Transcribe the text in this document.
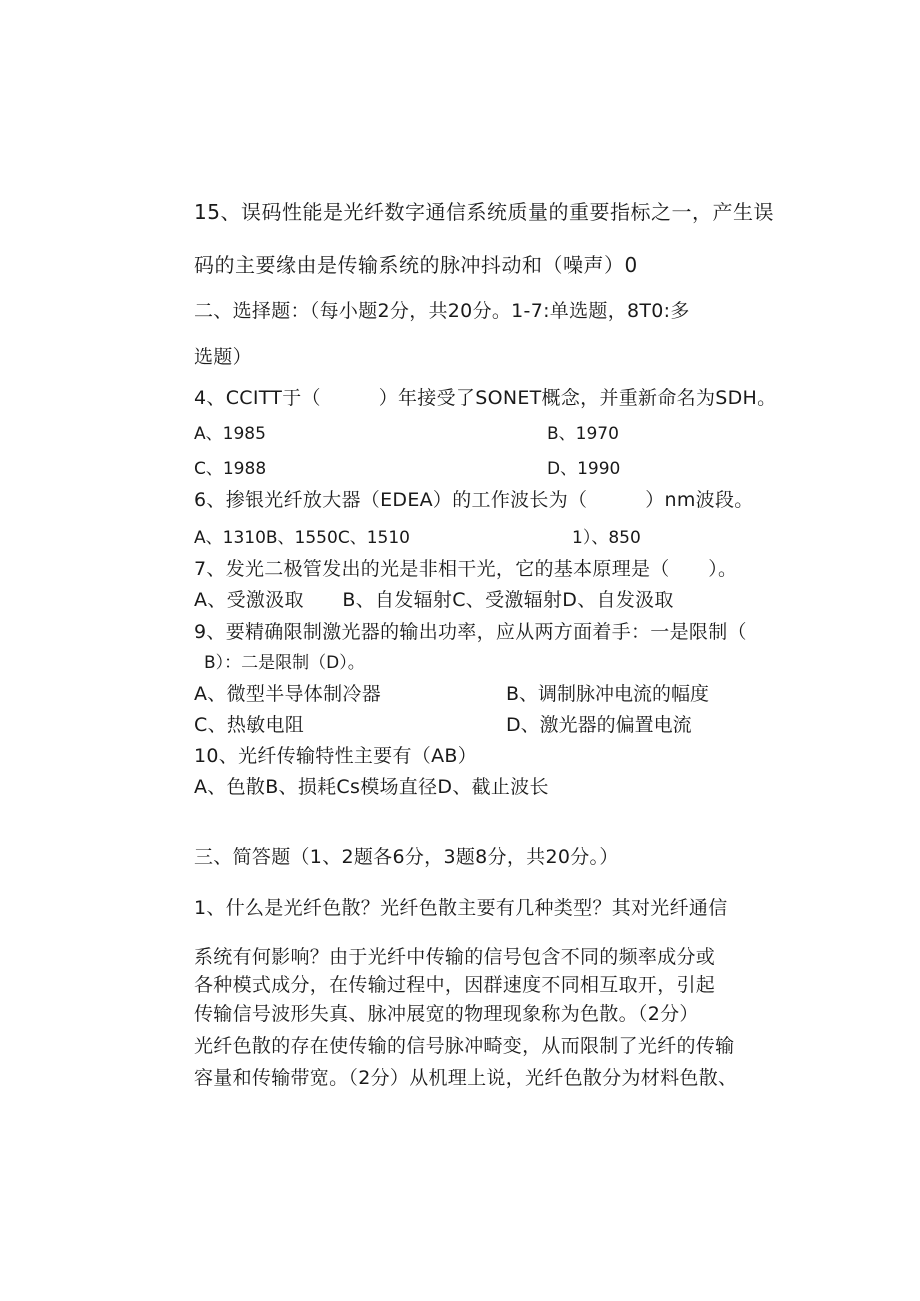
15、误码性能是光纤数字通信系统质量的重要指标之一，产生误
码的主要缘由是传输系统的脉冲抖动和（噪声）0
二、选择题：（每小题2分，共20分。1-7:单选题，8T0:多
选题）
4、CCITT于（　　　）年接受了SONET概念，并重新命名为SDH。
A、1985	B、1970
C、1988	D、1990
6、掺银光纤放大器（EDEA）的工作波长为（　　　）nm波段。
A、1310B、1550C、1510	1）、850
7、发光二极管发出的光是非相干光，它的基本原理是（　　）。
A、受激汲取　　B、自发辐射C、受激辐射D、自发汲取
9、要精确限制激光器的输出功率，应从两方面着手：一是限制（
B）：二是限制（D）。
A、微型半导体制冷器	B、调制脉冲电流的幅度
C、热敏电阻	D、激光器的偏置电流
10、光纤传输特性主要有（AB）
A、色散B、损耗Cs模场直径D、截止波长
三、简答题（1、2题各6分，3题8分，共20分。）
1、什么是光纤色散？光纤色散主要有几种类型？其对光纤通信
系统有何影响？由于光纤中传输的信号包含不同的频率成分或
各种模式成分，在传输过程中，因群速度不同相互取开，引起
传输信号波形失真、脉冲展宽的物理现象称为色散。（2分）
光纤色散的存在使传输的信号脉冲畸变，从而限制了光纤的传输
容量和传输带宽。（2分）从机理上说，光纤色散分为材料色散、
